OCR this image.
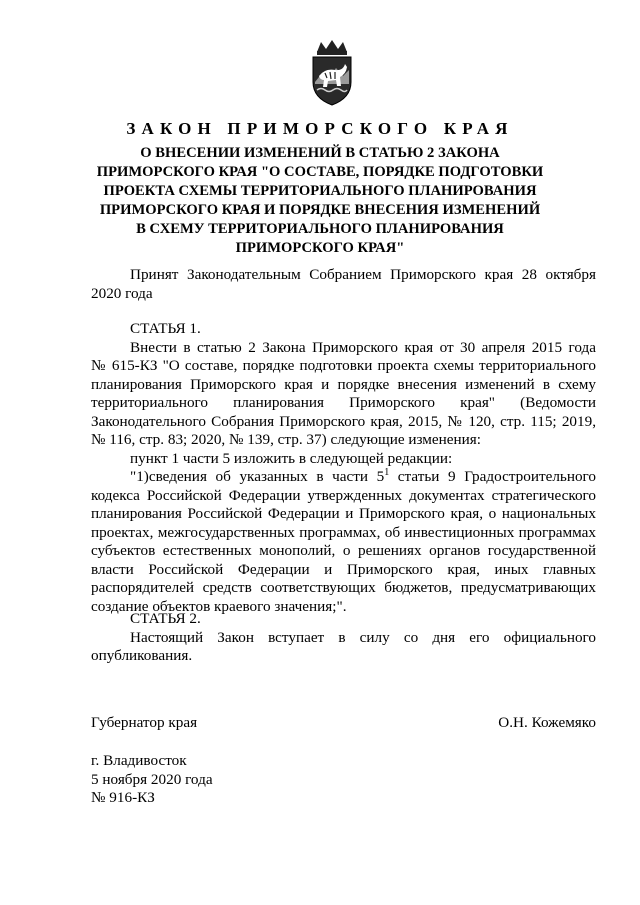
ЗАКОН ПРИМОРСКОГО КРАЯ
О ВНЕСЕНИИ ИЗМЕНЕНИЙ В СТАТЬЮ 2 ЗАКОНА
ПРИМОРСКОГО КРАЯ "О СОСТАВЕ, ПОРЯДКЕ ПОДГОТОВКИ
ПРОЕКТА СХЕМЫ ТЕРРИТОРИАЛЬНОГО ПЛАНИРОВАНИЯ
ПРИМОРСКОГО КРАЯ И ПОРЯДКЕ ВНЕСЕНИЯ ИЗМЕНЕНИЙ
В СХЕМУ ТЕРРИТОРИАЛЬНОГО ПЛАНИРОВАНИЯ
ПРИМОРСКОГО КРАЯ"
Принят Законодательным Собранием Приморского края 28 октября
2020 года
СТАТЬЯ 1.
Внести в статью 2 Закона Приморского края от 30 апреля 2015 года
№ 615-КЗ "О составе, порядке подготовки проекта схемы территориального
планирования Приморского края и порядке внесения изменений в схему
территориального планирования Приморского края" (Ведомости
Законодательного Собрания Приморского края, 2015, № 120, стр. 115; 2019,
№ 116, стр. 83; 2020, № 139, стр. 37) следующие изменения:
пункт 1 части 5 изложить в следующей редакции:
"1)сведения об указанных в части $5^1$ статьи 9 Градостроительного
кодекса Российской Федерации утвержденных документах стратегического
планирования Российской Федерации и Приморского края, о национальных
проектах, межгосударственных программах, об инвестиционных программах
субъектов естественных монополий, о решениях органов государственной
власти Российской Федерации и Приморского края, иных главных
распорядителей средств соответствующих бюджетов, предусматривающих
создание объектов краевого значения;".
СТАТЬЯ 2.
Настоящий Закон вступает в силу со дня его официального
опубликования.
Губернатор края	О.Н. Кожемяко
г. Владивосток
5 ноября 2020 года
№ 916-КЗ
